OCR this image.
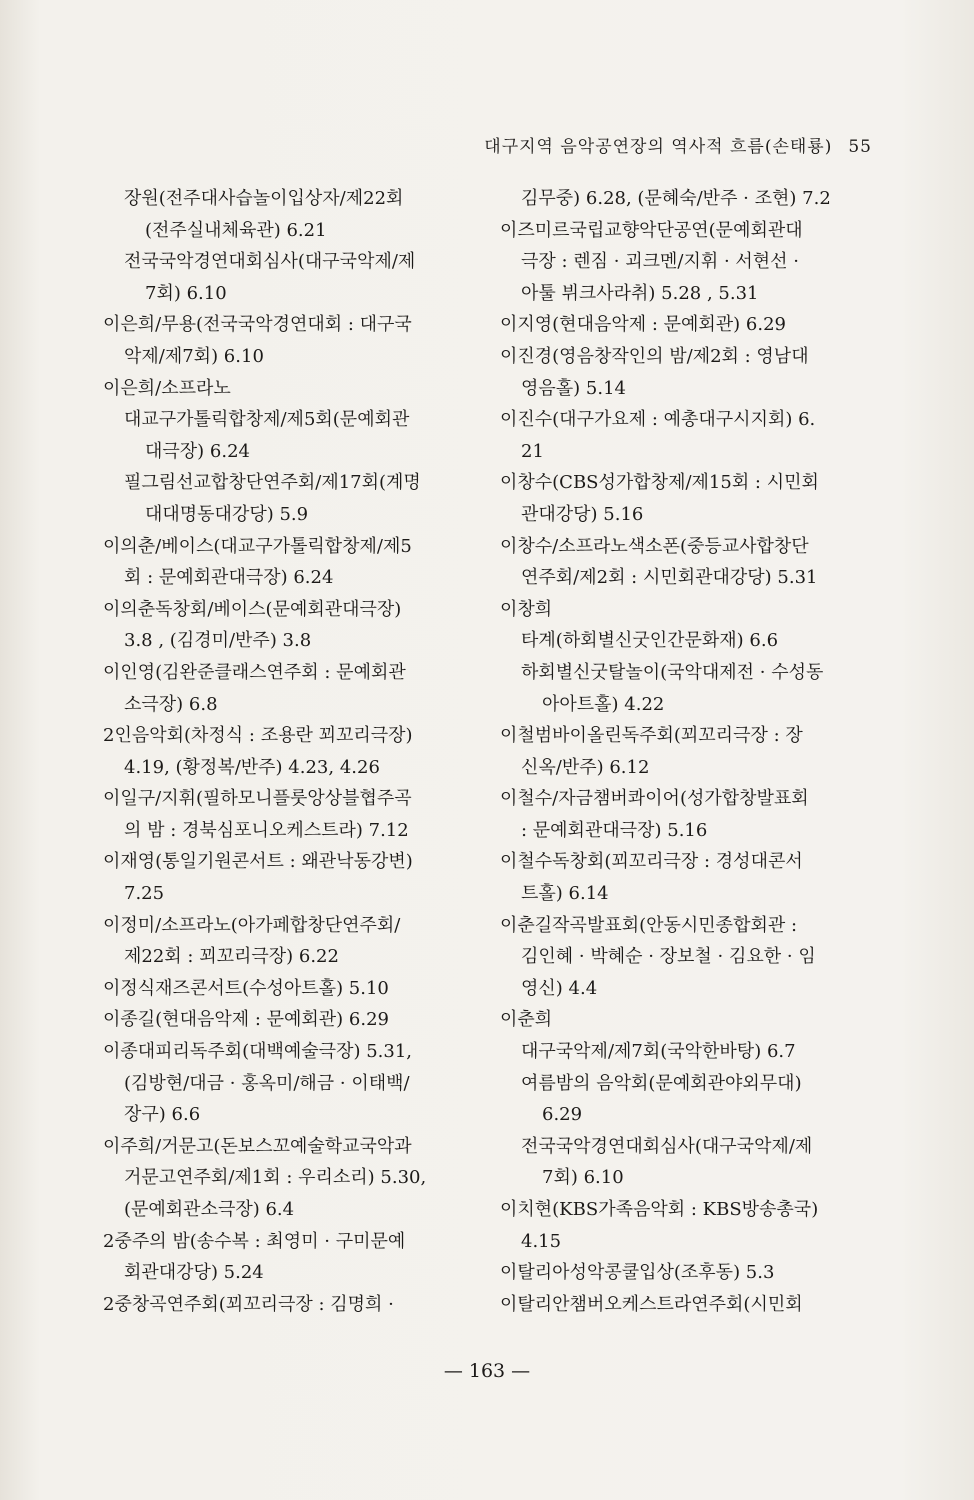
대구지역 음악공연장의 역사적 흐름(손태룡) 55
장원(전주대사습놀이입상자/제22회
(전주실내체육관) 6.21
전국국악경연대회심사(대구국악제/제
7회) 6.10
이은희/무용(전국국악경연대회 : 대구국
악제/제7회) 6.10
이은희/소프라노
대교구가톨릭합창제/제5회(문예회관
대극장) 6.24
필그림선교합창단연주회/제17회(계명
대대명동대강당) 5.9
이의춘/베이스(대교구가톨릭합창제/제5
회 : 문예회관대극장) 6.24
이의춘독창회/베이스(문예회관대극장)
3.8 , (김경미/반주) 3.8
이인영(김완준클래스연주회 : 문예회관
소극장) 6.8
2인음악회(차정식 : 조용란 꾀꼬리극장)
4.19, (황정복/반주) 4.23, 4.26
이일구/지휘(필하모니플룻앙상블협주곡
의 밤 : 경북심포니오케스트라) 7.12
이재영(통일기원콘서트 : 왜관낙동강변)
7.25
이정미/소프라노(아가페합창단연주회/
제22회 : 꾀꼬리극장) 6.22
이정식재즈콘서트(수성아트홀) 5.10
이종길(현대음악제 : 문예회관) 6.29
이종대피리독주회(대백예술극장) 5.31,
(김방현/대금 · 홍옥미/해금 · 이태백/
장구) 6.6
이주희/거문고(돈보스꼬예술학교국악과
거문고연주회/제1회 : 우리소리) 5.30,
(문예회관소극장) 6.4
2중주의 밤(송수복 : 최영미 · 구미문예
회관대강당) 5.24
2중창곡연주회(꾀꼬리극장 : 김명희 ·
김무중) 6.28, (문혜숙/반주 · 조현) 7.2
이즈미르국립교향악단공연(문예회관대
극장 : 렌짐 · 괴크멘/지휘 · 서현선 ·
아툴 뷔크사라취) 5.28 , 5.31
이지영(현대음악제 : 문예회관) 6.29
이진경(영음창작인의 밤/제2회 : 영남대
영음홀) 5.14
이진수(대구가요제 : 예총대구시지회) 6.
21
이창수(CBS성가합창제/제15회 : 시민회
관대강당) 5.16
이창수/소프라노색소폰(중등교사합창단
연주회/제2회 : 시민회관대강당) 5.31
이창희
타계(하회별신굿인간문화재) 6.6
하회별신굿탈놀이(국악대제전 · 수성동
아아트홀) 4.22
이철범바이올린독주회(꾀꼬리극장 : 장
신옥/반주) 6.12
이철수/자금챔버콰이어(성가합창발표회
: 문예회관대극장) 5.16
이철수독창회(꾀꼬리극장 : 경성대콘서
트홀) 6.14
이춘길작곡발표회(안동시민종합회관 :
김인혜 · 박혜순 · 장보철 · 김요한 · 임
영신) 4.4
이춘희
대구국악제/제7회(국악한바탕) 6.7
여름밤의 음악회(문예회관야외무대)
6.29
전국국악경연대회심사(대구국악제/제
7회) 6.10
이치현(KBS가족음악회 : KBS방송총국)
4.15
이탈리아성악콩쿨입상(조후동) 5.3
이탈리안챔버오케스트라연주회(시민회
— 163 —
